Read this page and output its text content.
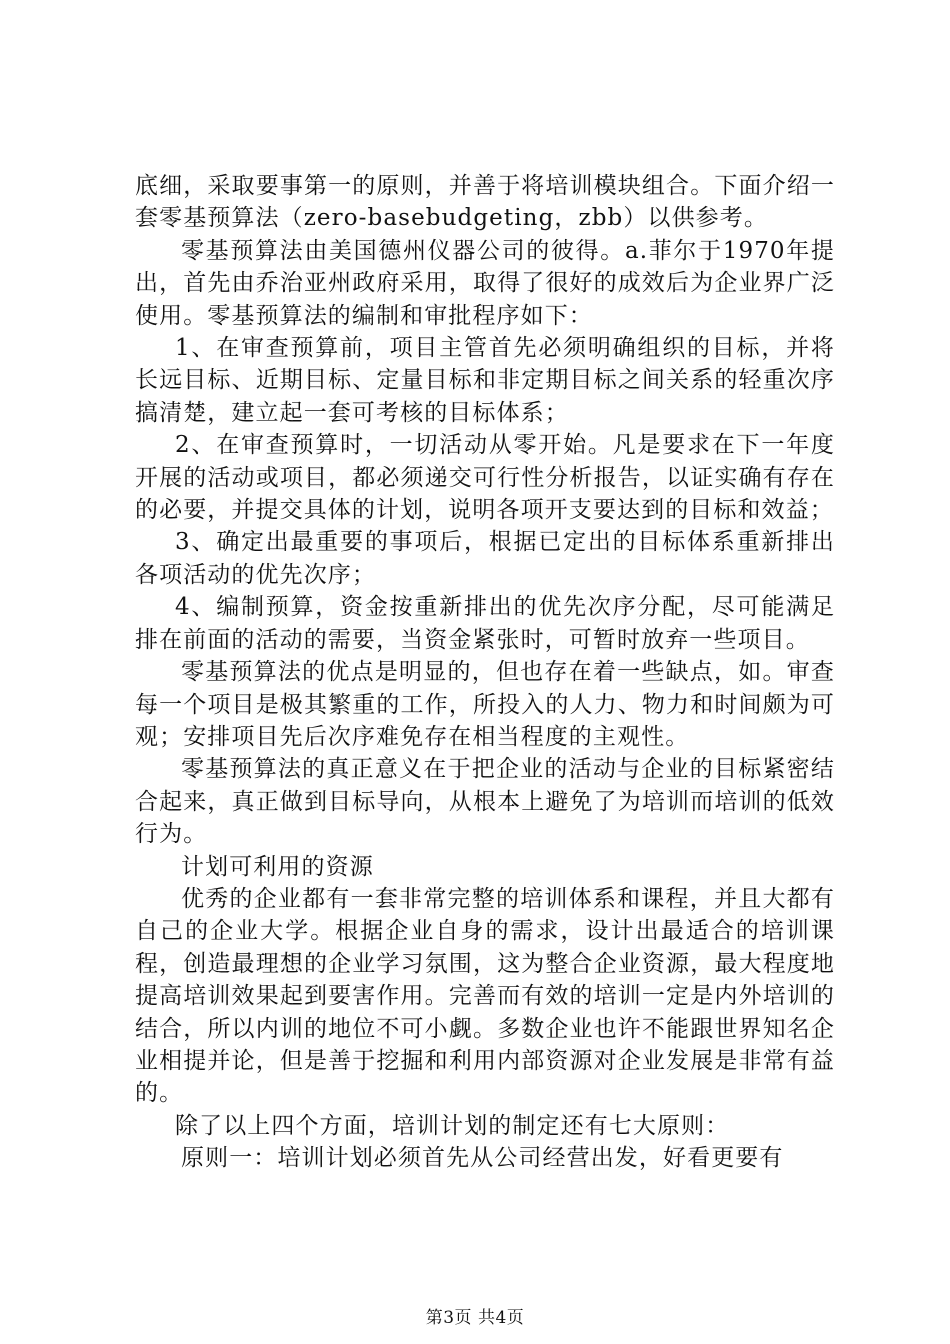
底细，采取要事第一的原则，并善于将培训模块组合。下面介绍一套零基预算法（zero-basebudgeting，zbb）以供参考。

零基预算法由美国德州仪器公司的彼得。a.菲尔于1970年提出，首先由乔治亚州政府采用，取得了很好的成效后为企业界广泛使用。零基预算法的编制和审批程序如下：

1、在审查预算前，项目主管首先必须明确组织的目标，并将长远目标、近期目标、定量目标和非定期目标之间关系的轻重次序搞清楚，建立起一套可考核的目标体系；

2、在审查预算时，一切活动从零开始。凡是要求在下一年度开展的活动或项目，都必须递交可行性分析报告，以证实确有存在的必要，并提交具体的计划，说明各项开支要达到的目标和效益；

3、确定出最重要的事项后，根据已定出的目标体系重新排出各项活动的优先次序；

4、编制预算，资金按重新排出的优先次序分配，尽可能满足排在前面的活动的需要，当资金紧张时，可暂时放弃一些项目。

零基预算法的优点是明显的，但也存在着一些缺点，如。审查每一个项目是极其繁重的工作，所投入的人力、物力和时间颇为可观；安排项目先后次序难免存在相当程度的主观性。

零基预算法的真正意义在于把企业的活动与企业的目标紧密结合起来，真正做到目标导向，从根本上避免了为培训而培训的低效行为。

计划可利用的资源

优秀的企业都有一套非常完整的培训体系和课程，并且大都有自己的企业大学。根据企业自身的需求，设计出最适合的培训课程，创造最理想的企业学习氛围，这为整合企业资源，最大程度地提高培训效果起到要害作用。完善而有效的培训一定是内外培训的结合，所以内训的地位不可小觑。多数企业也许不能跟世界知名企业相提并论，但是善于挖掘和利用内部资源对企业发展是非常有益的。

除了以上四个方面，培训计划的制定还有七大原则：

原则一：培训计划必须首先从公司经营出发，好看更要有

第3页 共4页
